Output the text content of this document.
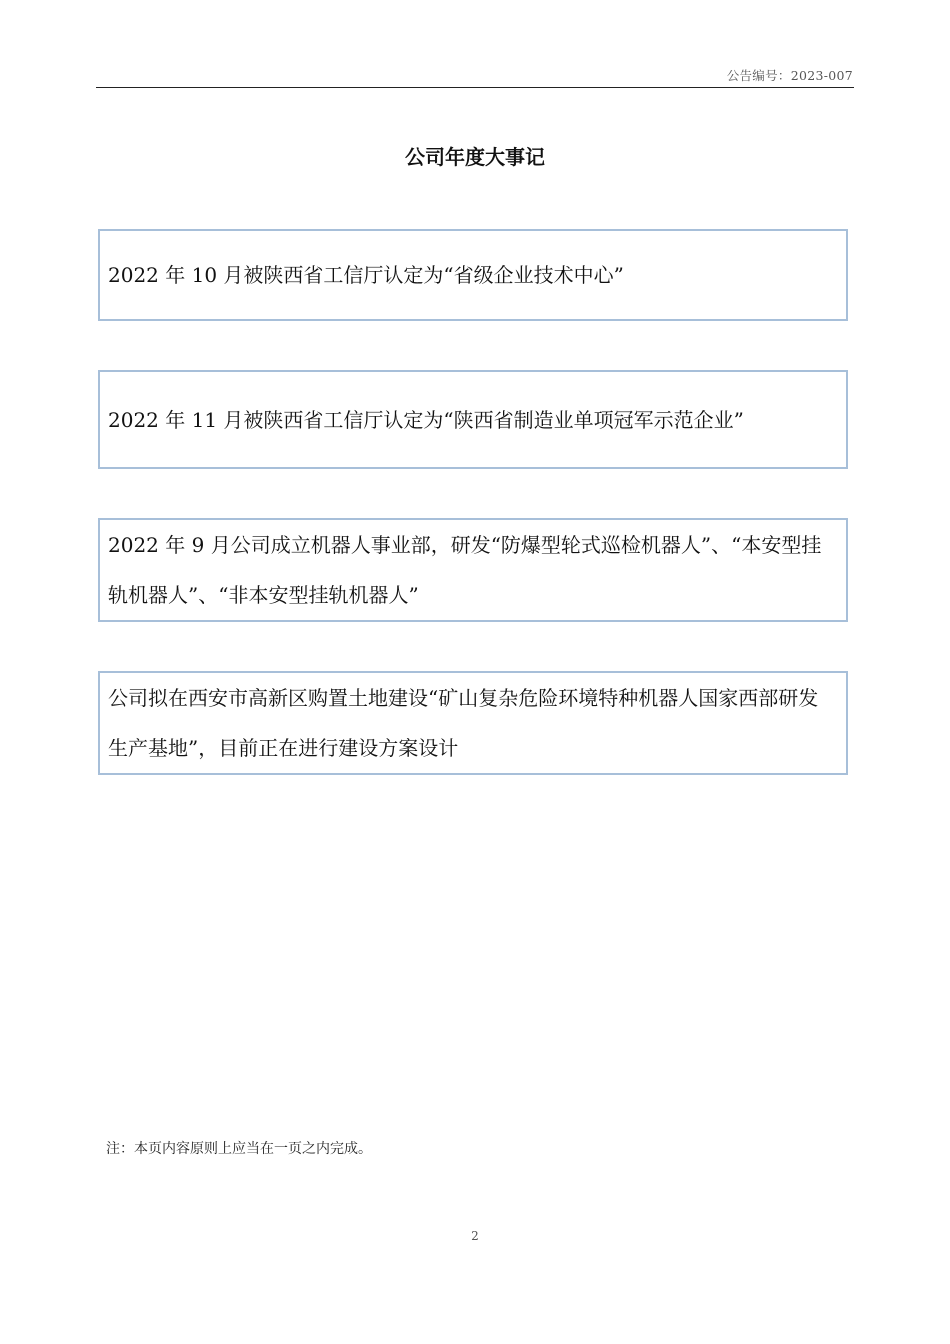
公告编号：2023-007
公司年度大事记
2022 年 10 月被陕西省工信厅认定为“省级企业技术中心”
2022 年 11 月被陕西省工信厅认定为“陕西省制造业单项冠军示范企业”
2022 年 9 月公司成立机器人事业部，研发“防爆型轮式巡检机器人”、“本安型挂轨机器人”、“非本安型挂轨机器人”
公司拟在西安市高新区购置土地建设“矿山复杂危险环境特种机器人国家西部研发生产基地”，目前正在进行建设方案设计
注：本页内容原则上应当在一页之内完成。
2
